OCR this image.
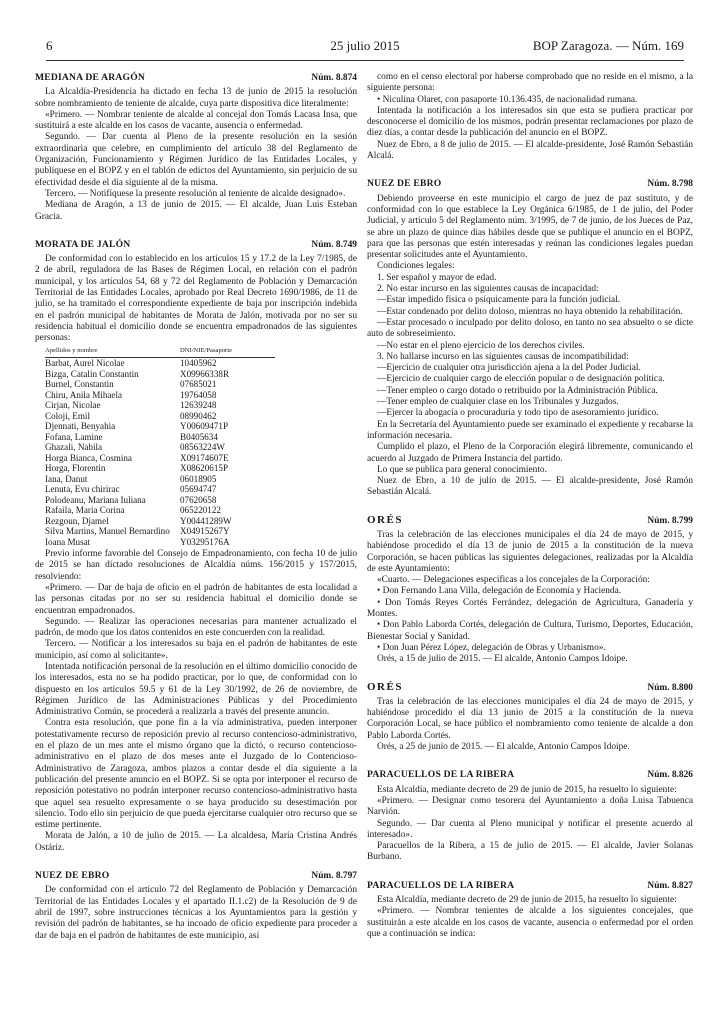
6	25 julio 2015	BOP Zaragoza. — Núm. 169
MEDIANA DE ARAGÓN	Núm. 8.874

La Alcaldía-Presidencia ha dictado en fecha 13 de junio de 2015 la resolución sobre nombramiento de teniente de alcalde, cuya parte dispositiva dice literalmente:

«Primero. — Nombrar teniente de alcalde al concejal don Tomás Lacasa Insa, que sustituirá a este alcalde en los casos de vacante, ausencia o enfermedad.

Segundo. — Dar cuenta al Pleno de la presente resolución en la sesión extraordinaria que celebre, en cumplimiento del artículo 38 del Reglamento de Organización, Funcionamiento y Régimen Jurídico de las Entidades Locales, y publíquese en el BOPZ y en el tablón de edictos del Ayuntamiento, sin perjuicio de su efectividad desde el día siguiente al de la misma.

Tercero. — Notifíquese la presente resolución al teniente de alcalde designado».

Mediana de Aragón, a 13 de junio de 2015. — El alcalde, Juan Luis Esteban Gracia.

MORATA DE JALÓN	Núm. 8.749

De conformidad con lo establecido en los artículos 15 y 17.2 de la Ley 7/1985, de 2 de abril, reguladora de las Bases de Régimen Local, en relación con el padrón municipal, y los artículos 54, 68 y 72 del Reglamento de Población y Demarcación Territorial de las Entidades Locales, aprobado por Real Decreto 1690/1986, de 11 de julio, se ha tramitado el correspondiente expediente de baja por inscripción indebida en el padrón municipal de habitantes de Morata de Jalón, motivada por no ser su residencia habitual el domicilio donde se encuentra empadronados de las siguientes personas:

Apellidos y nombre	DNI/NIE/Pasaporte
Barbat, Aurel Nicolae	10405962
Bizga, Catalin Constantin	X09966338R
Burnel, Constantin	07685021
Chiru, Anila Mihaela	19764058
Cirjan, Nicolae	12639248
Coloji, Emil	08990462
Djennati, Benyahia	Y00609471P
Fofana, Lamine	B0405634
Ghazali, Nabila	08563224W
Horga Bianca, Cosmina	X09174607E
Horga, Florentin	X08620615P
Iana, Danut	06018905
Lenuta, Evu chirirac	05694747
Polodeanu, Mariana Iuliana	07620658
Rafaila, Maria Corina	065220122
Rezgoun, Djamel	Y00441289W
Silva Martins, Manuel Bernardino	X04915267Y
Ioana Musat	Y03295176A

Previo informe favorable del Consejo de Empadronamiento, con fecha 10 de julio de 2015 se han dictado resoluciones de Alcaldía núms. 156/2015 y 157/2015, resolviendo:

«Primero. — Dar de baja de oficio en el padrón de habitantes de esta localidad a las personas citadas por no ser su residencia habitual el domicilio donde se encuentran empadronados.

Segundo. — Realizar las operaciones necesarias para mantener actualizado el padrón, de modo que los datos contenidos en este concuerden con la realidad.

Tercero. — Notificar a los interesados su baja en el padrón de habitantes de este municipio, así como al solicitante».

Intentada notificación personal de la resolución en el último domicilio conocido de los interesados, esta no se ha podido practicar, por lo que, de conformidad con lo dispuesto en los artículos 59.5 y 61 de la Ley 30/1992, de 26 de noviembre, de Régimen Jurídico de las Administraciones Públicas y del Procedimiento Administrativo Común, se procederá a realizarla a través del presente anuncio.

Contra esta resolución, que pone fin a la vía administrativa, pueden interponer potestativamente recurso de reposición previo al recurso contencioso-administrativo, en el plazo de un mes ante el mismo órgano que la dictó, o recurso contencioso-administrativo en el plazo de dos meses ante el Juzgado de lo Contencioso-Administrativo de Zaragoza, ambos plazos a contar desde el día siguiente a la publicación del presente anuncio en el BOPZ. Si se opta por interponer el recurso de reposición potestativo no podrán interponer recurso contencioso-administrativo hasta que aquel sea resuelto expresamente o se haya producido su desestimación por silencio. Todo ello sin perjuicio de que pueda ejercitarse cualquier otro recurso que se estime pertinente.

Morata de Jalón, a 10 de julio de 2015. — La alcaldesa, María Cristina Andrés Ostáriz.

NUEZ DE EBRO	Núm. 8.797

De conformidad con el artículo 72 del Reglamento de Población y Demarcación Territorial de las Entidades Locales y el apartado II.1.c2) de la Resolución de 9 de abril de 1997, sobre instrucciones técnicas a los Ayuntamientos para la gestión y revisión del padrón de habitantes, se ha incoado de oficio expediente para proceder a dar de baja en el padrón de habitantes de este municipio, así

como en el censo electoral por haberse comprobado que no reside en el mismo, a la siguiente persona:

• Niculina Olaret, con pasaporte 10.136.435, de nacionalidad rumana.

Intentada la notificación a los interesados sin que esta se pudiera practicar por desconocerse el domicilio de los mismos, podrán presentar reclamaciones por plazo de diez días, a contar desde la publicación del anuncio en el BOPZ.

Nuez de Ebro, a 8 de julio de 2015. — El alcalde-presidente, José Ramón Sebastián Alcalá.

NUEZ DE EBRO	Núm. 8.798

Debiendo proveerse en este municipio el cargo de juez de paz sustituto, y de conformidad con lo que establece la Ley Orgánica 6/1985, de 1 de julio, del Poder Judicial, y artículo 5 del Reglamento núm. 3/1995, de 7 de junio, de los Jueces de Paz, se abre un plazo de quince días hábiles desde que se publique el anuncio en el BOPZ, para que las personas que estén interesadas y reúnan las condiciones legales puedan presentar solicitudes ante el Ayuntamiento.

Condiciones legales:

1. Ser español y mayor de edad.

2. No estar incurso en las siguientes causas de incapacidad:

—Estar impedido física o psíquicamente para la función judicial.

—Estar condenado por delito doloso, mientras no haya obtenido la rehabilitación.

—Estar procesado o inculpado por delito doloso, en tanto no sea absuelto o se dicte auto de sobreseimiento.

—No estar en el pleno ejercicio de los derechos civiles.

3. No hallarse incurso en las siguientes causas de incompatibilidad:

—Ejercicio de cualquier otra jurisdicción ajena a la del Poder Judicial.

—Ejercicio de cualquier cargo de elección popular o de designación política.

—Tener empleo o cargo dotado o retribuido por la Administración Pública.

—Tener empleo de cualquier clase en los Tribunales y Juzgados.

—Ejercer la abogacía o procuraduría y todo tipo de asesoramiento jurídico.

En la Secretaría del Ayuntamiento puede ser examinado el expediente y recabarse la información necesaria.

Cumplido el plazo, el Pleno de la Corporación elegirá libremente, comunicando el acuerdo al Juzgado de Primera Instancia del partido.

Lo que se publica para general conocimiento.

Nuez de Ebro, a 10 de julio de 2015. — El alcalde-presidente, José Ramón Sebastián Alcalá.

ORÉS	Núm. 8.799

Tras la celebración de las elecciones municipales el día 24 de mayo de 2015, y habiéndose procedido el día 13 de junio de 2015 a la constitución de la nueva Corporación, se hacen públicas las siguientes delegaciones, realizadas por la Alcaldía de este Ayuntamiento:

«Cuarto. — Delegaciones específicas a los concejales de la Corporación:

• Don Fernando Lana Villa, delegación de Economía y Hacienda.

• Don Tomás Reyes Cortés Ferrández, delegación de Agricultura, Ganadería y Montes.

• Don Pablo Laborda Cortés, delegación de Cultura, Turismo, Deportes, Educación, Bienestar Social y Sanidad.

• Don Juan Pérez López, delegación de Obras y Urbanismo».

Orés, a 15 de julio de 2015. — El alcalde, Antonio Campos Idoipe.

ORÉS	Núm. 8.800

Tras la celebración de las elecciones municipales el día 24 de mayo de 2015, y habiéndose procedido el día 13 junio de 2015 a la constitución de la nueva Corporación Local, se hace público el nombramiento como teniente de alcalde a don Pablo Laborda Cortés.

Orés, a 25 de junio de 2015. — El alcalde, Antonio Campos Idoipe.

PARACUELLOS DE LA RIBERA	Núm. 8.826

Esta Alcaldía, mediante decreto de 29 de junio de 2015, ha resuelto lo siguiente:

«Primero. — Designar como tesorera del Ayuntamiento a doña Luisa Tabuenca Narvión.

Segundo. — Dar cuenta al Pleno municipal y notificar el presente acuerdo al interesado».

Paracuellos de la Ribera, a 15 de julio de 2015. — El alcalde, Javier Solanas Burbano.

PARACUELLOS DE LA RIBERA	Núm. 8.827

Esta Alcaldía, mediante decreto de 29 de junio de 2015, ha resuelto lo siguiente:

«Primero. — Nombrar tenientes de alcalde a los siguientes concejales, que sustituirán a este alcalde en los casos de vacante, ausencia o enfermedad por el orden que a continuación se indica:
